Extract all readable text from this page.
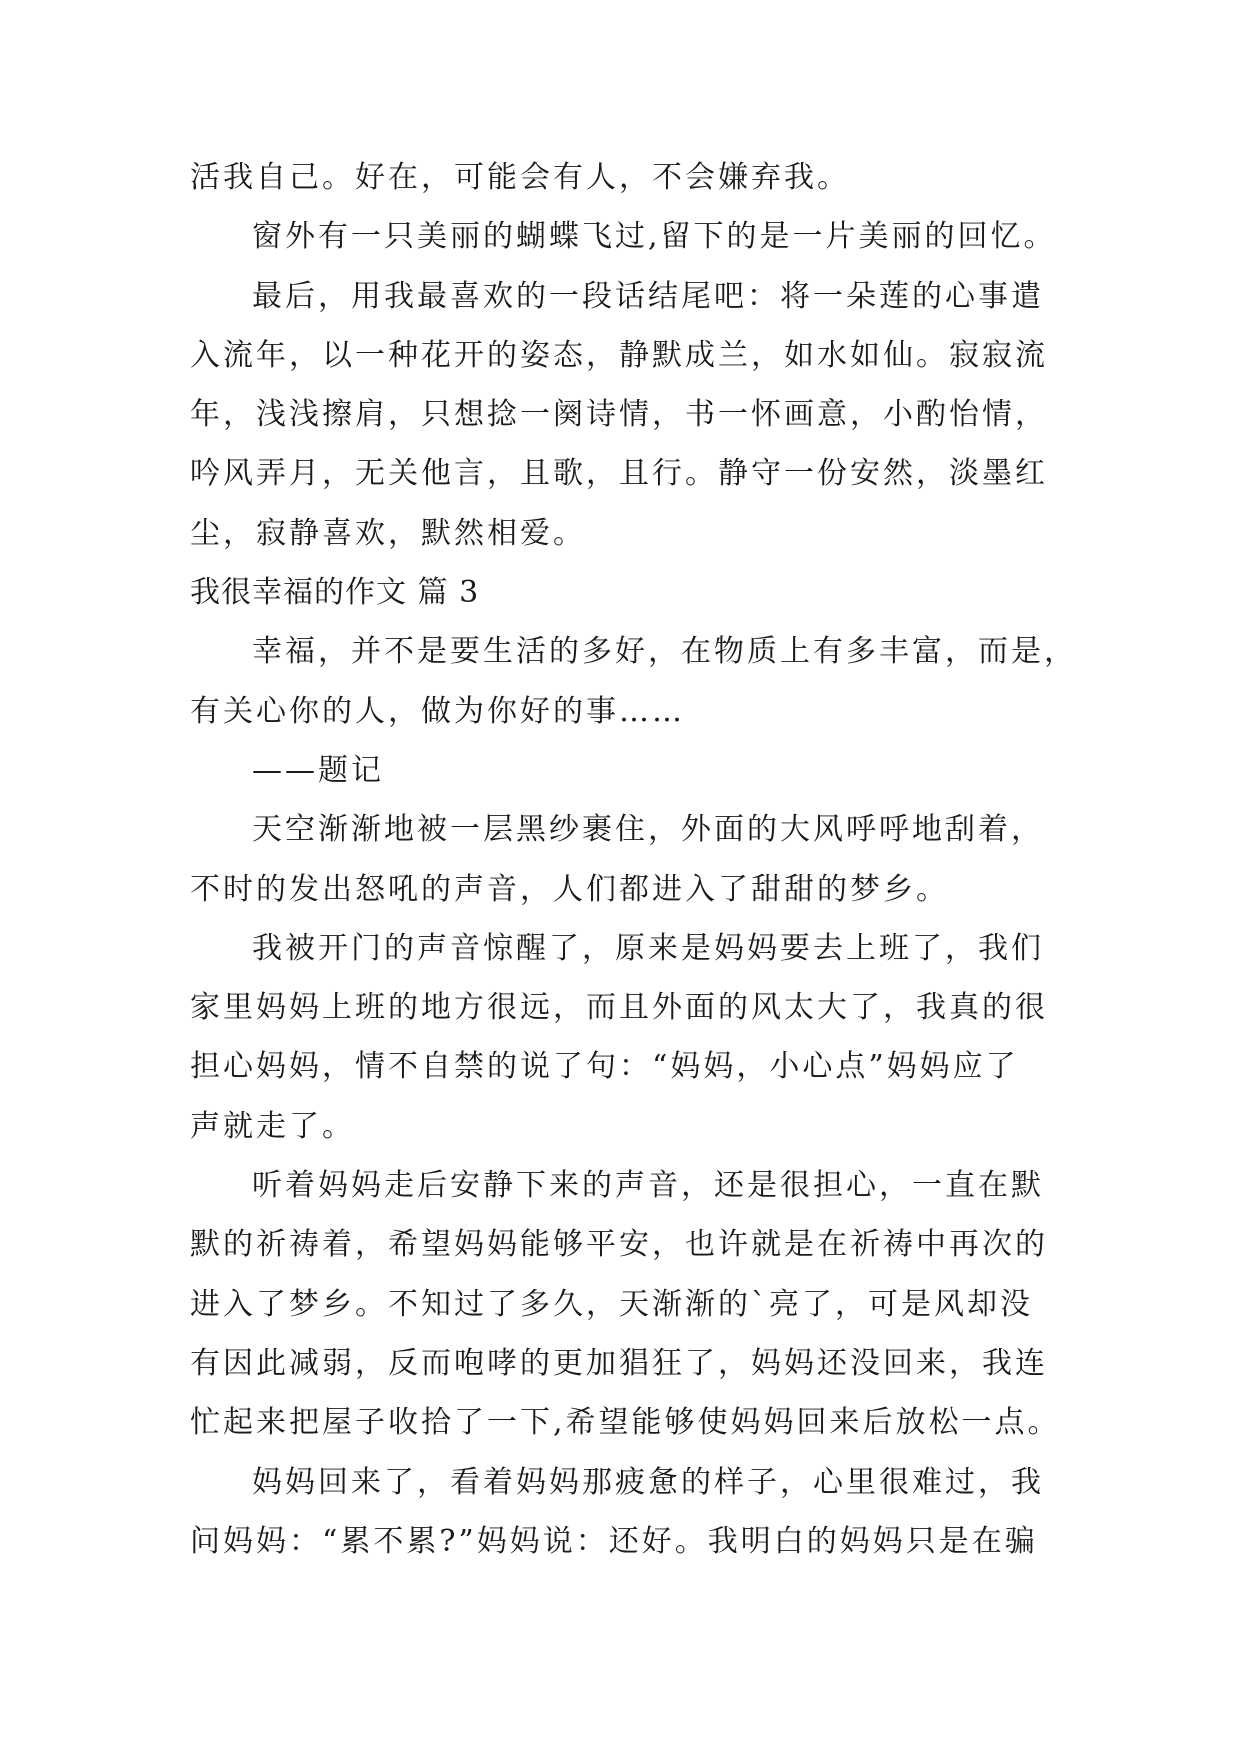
活我自己。好在，可能会有人，不会嫌弃我。
窗外有一只美丽的蝴蝶飞过,留下的是一片美丽的回忆。
最后，用我最喜欢的一段话结尾吧：将一朵莲的心事遣
入流年，以一种花开的姿态，静默成兰，如水如仙。寂寂流
年，浅浅擦肩，只想捻一阕诗情，书一怀画意，小酌怡情，
吟风弄月，无关他言，且歌，且行。静守一份安然，淡墨红
尘，寂静喜欢，默然相爱。
我很幸福的作文 篇 3
幸福，并不是要生活的多好，在物质上有多丰富，而是，
有关心你的人，做为你好的事……
——题记
天空渐渐地被一层黑纱裹住，外面的大风呼呼地刮着，
不时的发出怒吼的声音，人们都进入了甜甜的梦乡。
我被开门的声音惊醒了，原来是妈妈要去上班了，我们
家里妈妈上班的地方很远，而且外面的风太大了，我真的很
担心妈妈，情不自禁的说了句：“妈妈，小心点”妈妈应了
声就走了。
听着妈妈走后安静下来的声音，还是很担心，一直在默
默的祈祷着，希望妈妈能够平安，也许就是在祈祷中再次的
进入了梦乡。不知过了多久，天渐渐的`亮了，可是风却没
有因此减弱，反而咆哮的更加猖狂了，妈妈还没回来，我连
忙起来把屋子收拾了一下,希望能够使妈妈回来后放松一点。
妈妈回来了，看着妈妈那疲惫的样子，心里很难过，我
问妈妈：“累不累?”妈妈说：还好。我明白的妈妈只是在骗
